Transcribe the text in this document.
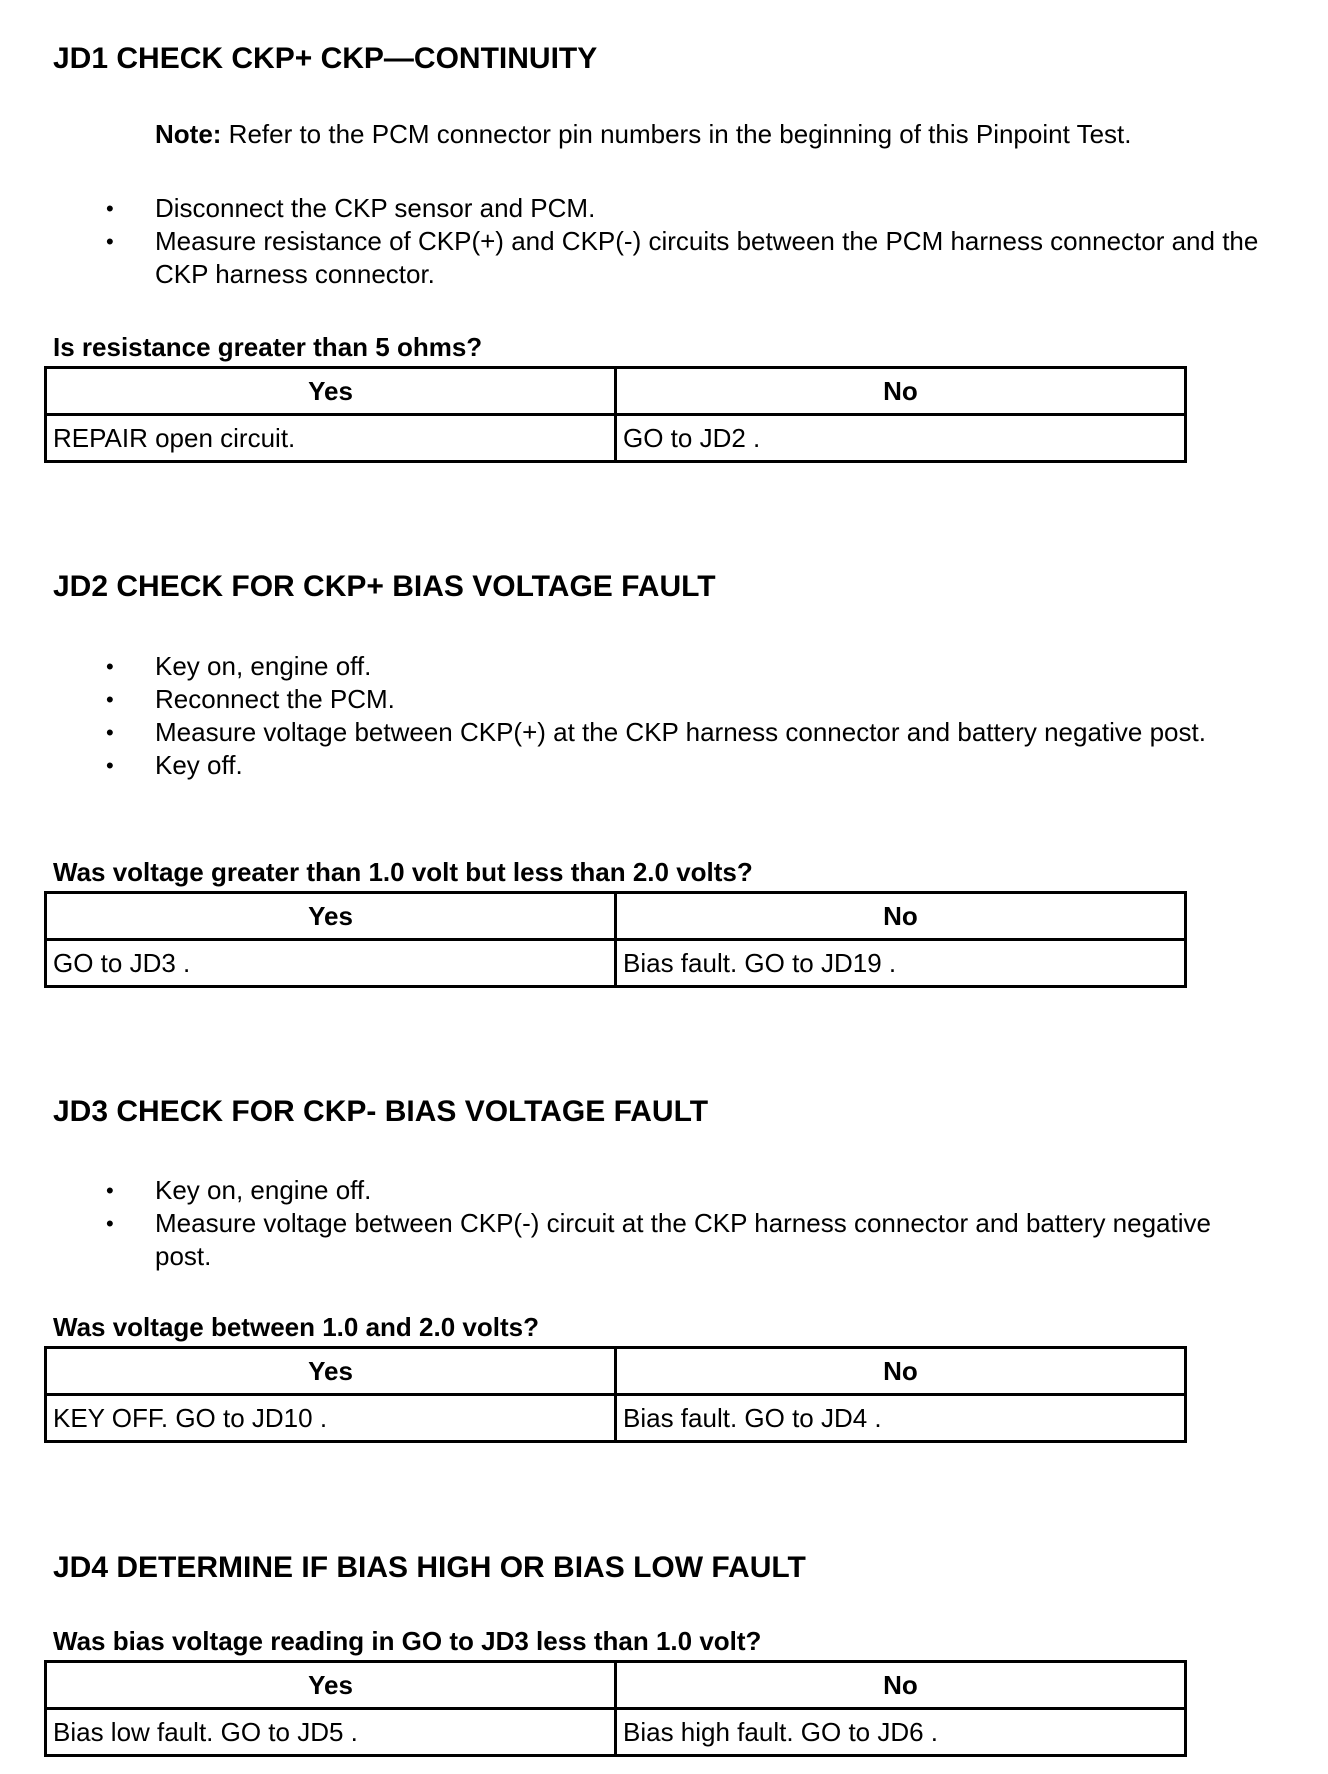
JD1 CHECK CKP+ CKP—CONTINUITY
Note: Refer to the PCM connector pin numbers in the beginning of this Pinpoint Test.
• Disconnect the CKP sensor and PCM.
• Measure resistance of CKP(+) and CKP(-) circuits between the PCM harness connector and the CKP harness connector.
Is resistance greater than 5 ohms?
Yes	No
REPAIR open circuit.	GO to JD2 .
JD2 CHECK FOR CKP+ BIAS VOLTAGE FAULT
• Key on, engine off.
• Reconnect the PCM.
• Measure voltage between CKP(+) at the CKP harness connector and battery negative post.
• Key off.
Was voltage greater than 1.0 volt but less than 2.0 volts?
Yes	No
GO to JD3 .	Bias fault. GO to JD19 .
JD3 CHECK FOR CKP- BIAS VOLTAGE FAULT
• Key on, engine off.
• Measure voltage between CKP(-) circuit at the CKP harness connector and battery negative post.
Was voltage between 1.0 and 2.0 volts?
Yes	No
KEY OFF. GO to JD10 .	Bias fault. GO to JD4 .
JD4 DETERMINE IF BIAS HIGH OR BIAS LOW FAULT
Was bias voltage reading in GO to JD3 less than 1.0 volt?
Yes	No
Bias low fault. GO to JD5 .	Bias high fault. GO to JD6 .
